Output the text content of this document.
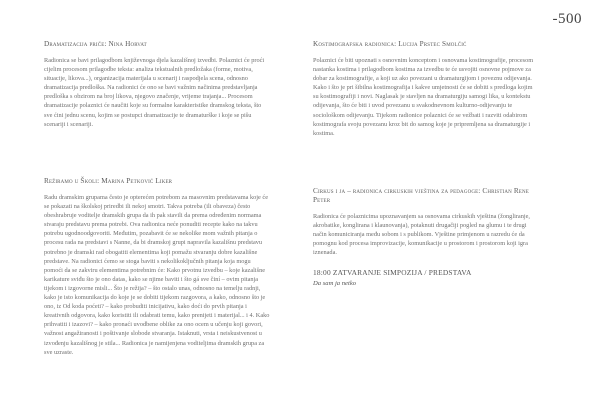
-500

Dramatizacija priče: Nina Horvat

Radionica se bavi prilagodbom književnoga djela kazališnoj izvedbi. Polaznici će proći cijelim procesom prilagodbe teksta: analiza tekstualnih predložaka (forme, motiva, situacije, likova...), organizacija materijala u scenarij i raspodjela scena, odnosno dramatizacija predloška. Na radionici će ono se bavi važnim načinima predstavljanja predloška s obzirom na broj likova, njegovo značenje, vrijeme trajanja... Procesom dramatizacije polaznici će naučiti koje su formalne karakteristike dramskog teksta, što sve ćini jednu scenu, kojim se postupci dramatizacije te dramaturške i koje se pišu scenariji i scenariji.

Režiramo u Školi: Marina Petković Liker

Radu dramskim grupama često je opterećen potrebom za masovnim predstavama koje će se pokazati na školskoj priredbi ili nekoj smotri. Takva potreba (ili obaveza) često obeshrabruje voditelje dramskih grupa da ih pak stavili da prema određenim normama stvaraju predstavu prema potrebi. Ova radionica neće ponuditi recepte kako na takvu potrebu ugodnoodgovoriti. Međutim, pozabavit će se nekolike mom važnih pitanja o procesu rada na predstavi s Nanne, da bi dramskoj grupi napravila kazališnu predstavu potrebno je dramski rad obogatiti elementima koji pomažu stvaranju dobre kazališne predstave. Na radionici ćemo se stoga baviti s nekolikoključnih pitanja koja mogu pomoći da se zakviru elementima potrebnim će: Kako prvotnu izvedbu – koje kazališne karikature sviđu što je ono datas, kako se njime baviti i što gá sve činí – ovim pitanja tijekom i izgovorne misli... Što je režija? – što ostalo unas, odnosno na temelju radnji, kako je isto komunikacija do koje je se dobiti tijekom razgovora, a kako, odnosno što je ono, iz Od koda poćeti? – kako probuditi inicijativu, kako doći do prvih pitanja i kreativnih odgovora, kako koristiti ili odabrati temu, kako prenijeti i materijal... i 4. Kako prihvatiti i izazovi? – kako pronaći uvodbene oblike za ono ocem u učenju koji govori, važnost angažiranosti i poštivanje slobode stvaranja. Istaknuti, vrsta i neiskustvenost u izvođenju kazališnog je stila... Radionica je namijenjena voditeljima dramskih grupa za sve uzraste.

Kostimografska radionica: Lucija Prstec Smolčić

Polaznici će biti upoznati s osnovnim konceptom i osnovama kostimografije, procesom nastanka kostima i prilagodbom kostima za izvedbu te će usvojiti osnovne pojmove za dobar za kostimografije, a koji uz ako povezani u dramaturgijom i poveznu odijevanja. Kako i što je pri šibilna kostimografija i kakve umjetnosti će se dobiti s predloga kojim su kostimografiji i novi. Naglasak je stavljen na dramaturgiju samogi lika, u kontekstu odijevanja, što će biti i uvod povezanu u svakodnevnom kulturno-odijevanju te sociološkom odijevanju. Tijekom radionice polaznici će se vežbati i razviti odabirom kostimografa svoju povezanu kroz bit do samog koje je pripremljena sa dramaturgije i kostima.

Cirkus i ja – radionica cirkuskih vještina za pedagoge: Christian Rene Peter

Radionica će polaznicima upoznavanjem sa osnovama cirkuskih vještina (žongliranje, akrobatike, konglirana i klaunovanja), potaknuti drugačiji pogled na glumu i te drugi način komuniciranja među sobom i s publikom. Vještine primjenom u razredu će da pomognu kod procesa improvizacije, komunikacije u prostorom i prostorom koji igra iznenada.

18:00 ZATVARANJE SIMPOZIJA / PREDSTAVA

Da sam ja netko
